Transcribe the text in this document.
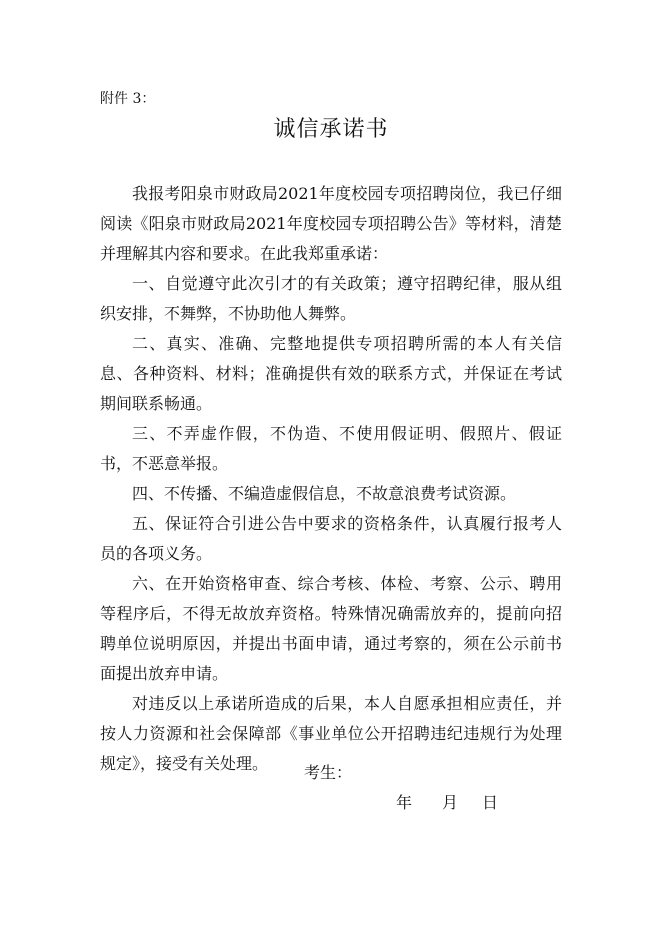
附件 3：
诚信承诺书

我报考阳泉市财政局2021年度校园专项招聘岗位，我已仔细阅读《阳泉市财政局2021年度校园专项招聘公告》等材料，清楚并理解其内容和要求。在此我郑重承诺：

一、自觉遵守此次引才的有关政策；遵守招聘纪律，服从组织安排，不舞弊，不协助他人舞弊。

二、真实、准确、完整地提供专项招聘所需的本人有关信息、各种资料、材料；准确提供有效的联系方式，并保证在考试期间联系畅通。

三、不弄虚作假，不伪造、不使用假证明、假照片、假证书，不恶意举报。

四、不传播、不编造虚假信息，不故意浪费考试资源。

五、保证符合引进公告中要求的资格条件，认真履行报考人员的各项义务。

六、在开始资格审查、综合考核、体检、考察、公示、聘用等程序后，不得无故放弃资格。特殊情况确需放弃的，提前向招聘单位说明原因，并提出书面申请，通过考察的，须在公示前书面提出放弃申请。

对违反以上承诺所造成的后果，本人自愿承担相应责任，并按人力资源和社会保障部《事业单位公开招聘违纪违规行为处理规定》，接受有关处理。	考生：
年 月 日
